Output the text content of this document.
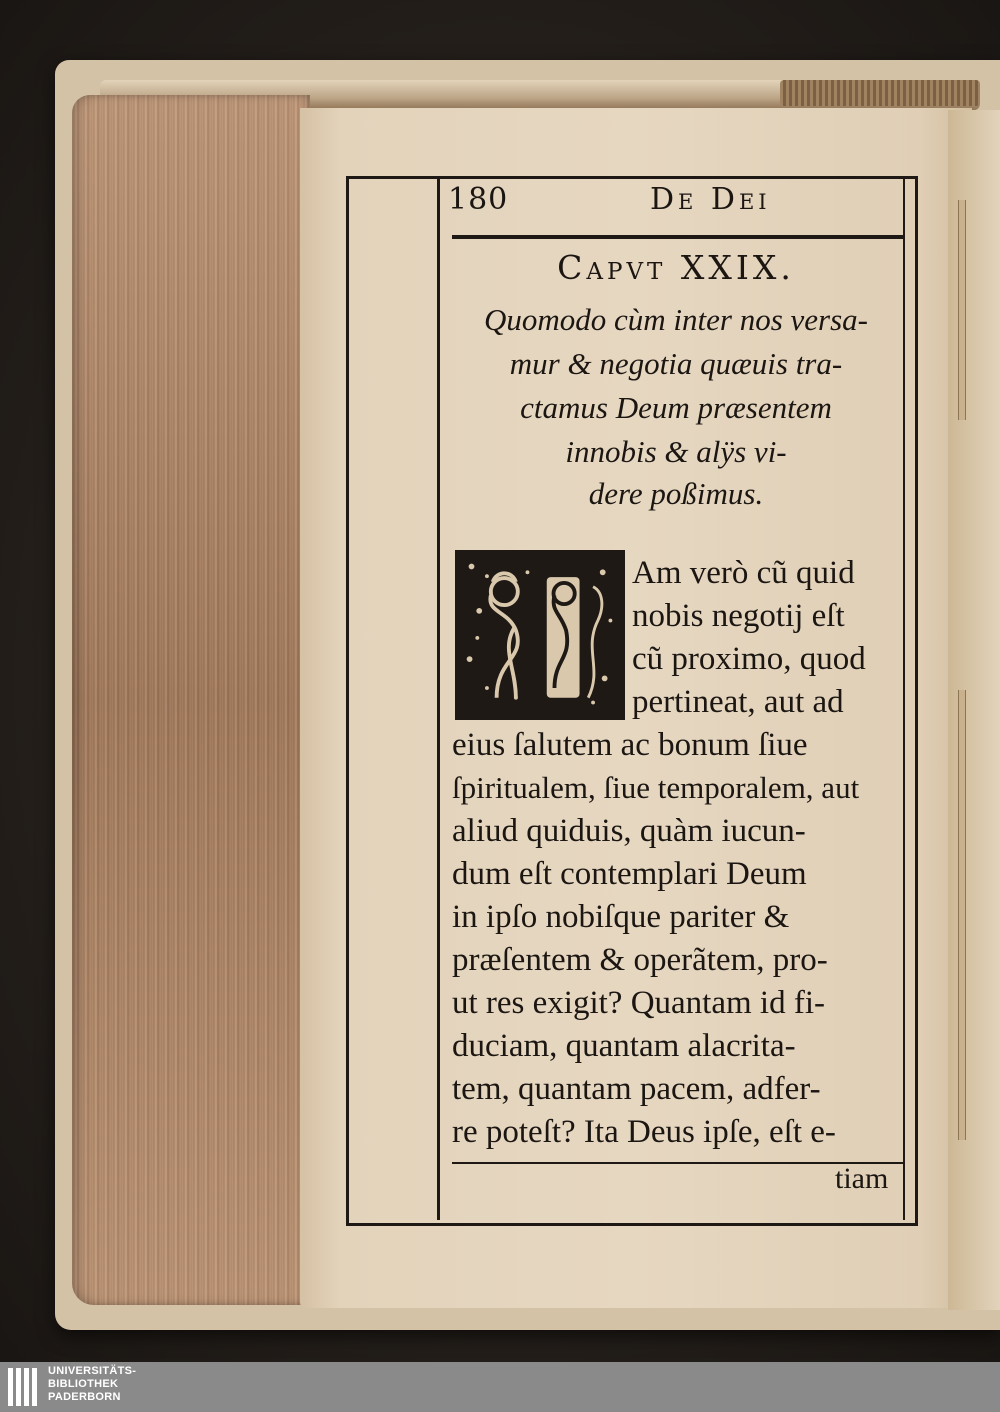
180	De Dei
Capvt XXIX.
Quomodo cùm inter nos versa-
mur & negotia quæuis tra-
ctamus Deum præsentem
innobis & alÿs vi-
dere poßimus.
Am verò cũ quid
nobis negotij eſt
cũ proximo, quod
pertineat, aut ad
eius ſalutem ac bonum ſiue
ſpiritualem, ſiue temporalem, aut
aliud quiduis, quàm iucun-
dum eſt contemplari Deum
in ipſo nobiſque pariter &
præſentem & operãtem, pro-
ut res exigit? Quantam id fi-
duciam, quantam alacrita-
tem, quantam pacem, adfer-
re poteſt? Ita Deus ipſe, eſt e-
tiam
UNIVERSITÄTS-
BIBLIOTHEK
PADERBORN
